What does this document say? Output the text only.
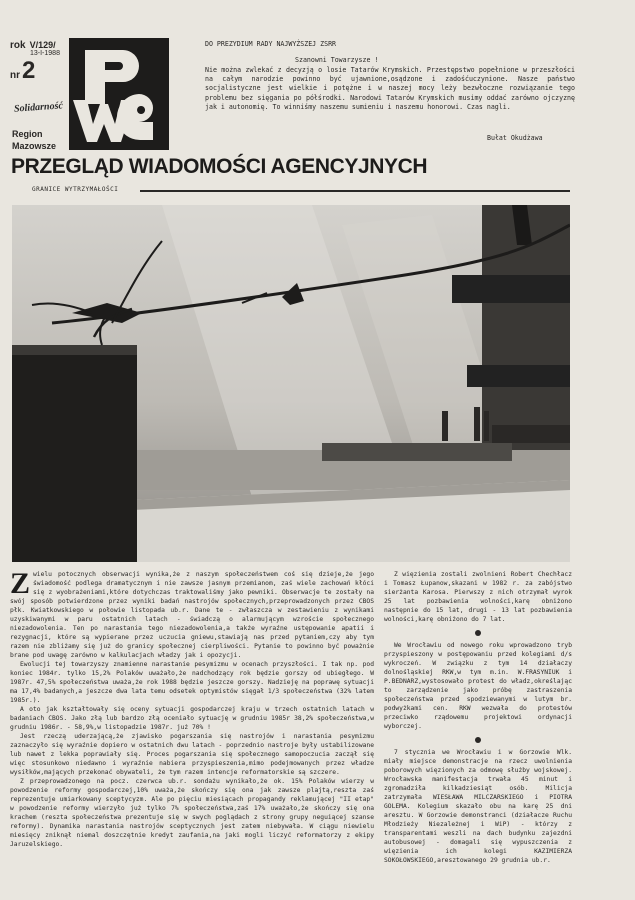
rok V/129/
13-I-1988
nr 2
Solidarność
Region
Mazowsze
PRZEGLĄD WIADOMOŚCI AGENCYJNYCH
GRANICE WYTRZYMAŁOŚCI
DO PREZYDIUM RADY NAJWYŻSZEJ ZSRR
Szanowni Towarzysze !
Nie można zwlekać z decyzją o losie Tatarów Krymskich. Przestępstwo popełnione w przeszłości na całym narodzie powinno być ujawnione,osądzone i zadośćuczynione. Nasze państwo socjalistyczne jest wielkie i potężne i w naszej mocy leży bezwłoczne rozwiązanie tego problemu bez sięgania po półśrodki. Narodowi Tatarów Krymskich musimy oddać zarówno ojczyznę jak i autonomię. To winniśmy naszemu sumieniu i naszemu honorowi. Czas nagli.
Bułat Okudżawa

Zwielu potocznych obserwacji wynika,że z naszym społeczeństwem coś się dzieje,że jego świadomość podlega dramatycznym i nie zawsze jasnym przemianom, zaś wiele zachowań kłóci się z wyobrażeniami,które dotychczas traktowaliśmy jako pewniki. Obserwacje te zostały na swój sposób potwierdzone przez wyniki badań nastrojów społecznych,przeprowadzonych przez CBOS płk. Kwiatkowskiego w połowie listopada ub.r. Dane te - zwłaszcza w zestawieniu z wynikami uzyskiwanymi w paru ostatnich latach - świadczą o alarmującym wzroście społecznego niezadowolenia. Ten po narastania tego niezadowolenia,a także wyraźne ustępowanie apatii i rezygnacji, które są wypierane przez uczucia gniewu,stawiają nas przed pytaniem,czy aby tym razem nie zbliżamy się już do granicy społecznej cierpliwości. Pytanie to powinno być poważnie brane pod uwagę zarówno w kalkulacjach władzy jak i opozycji.

Ewolucji tej towarzyszy znamienne narastanie pesymizmu w ocenach przyszłości. I tak np. pod koniec 1984r. tylko 15,2% Polaków uważało,że nadchodzący rok będzie gorszy od ubiegłego. W 1987r. 47,5% społeczeństwa uważa,że rok 1988 będzie jeszcze gorszy. Nadzieję na poprawę sytuacji ma 17,4% badanych,a jeszcze dwa lata temu odsetek optymistów sięgał 1/3 społeczeństwa (32% latem 1985r.).

A oto jak kształtowały się oceny sytuacji gospodarczej kraju w trzech ostatnich latach w badaniach CBOS. Jako złą lub bardzo złą oceniało sytuację w grudniu 1985r 38,2% społeczeństwa,w grudniu 1986r. - 58,9%,w listopadzie 1987r. już 70% !

Jest rzeczą uderzającą,że zjawisko pogarszania się nastrojów i narastania pesymizmu zaznaczyło się wyraźnie dopiero w ostatnich dwu latach - poprzednio nastroje były ustabilizowane lub nawet z lekka poprawiały się. Proces pogarszania się społecznego samopoczucia zaczął się więc stosunkowo niedawno i wyraźnie nabiera przyspieszenia,mimo podejmowanych przez władze wysiłków,mających przekonać obywateli, że tym razem intencje reformatorskie są szczere.

Z przeprowadzonego na pocz. czerwca ub.r. sondażu wynikało,że ok. 15% Polaków wierzy w powodzenie reformy gospodarczej,10% uważa,że skończy się ona jak zawsze plajtą,reszta zaś reprezentuje umiarkowany sceptycyzm. Ale po pięciu miesiącach propagandy reklamującej "II etap" w powodzenie reformy wierzyło już tylko 7% społeczeństwa,zaś 17% uważało,że skończy się ona krachem (reszta społeczeństwa prezentuje się w swych poglądach z strony grupy neguiącej szanse reformy). Dynamika narastania nastrojów sceptycznych jest zatem niebywała. W ciągu niewielu miesięcy zniknął niemal doszczętnie kredyt zaufania,na jaki mogli liczyć reformatorzy z ekipy Jaruzelskiego.

Z więzienia zostali zwolnieni Robert Chechłacz i Tomasz Łupanow,skazani w 1982 r. za zabójstwo sierżanta Karosa. Pierwszy z nich otrzymał wyrok 25 lat pozbawienia wolności,karę obniżono następnie do 15 lat, drugi - 13 lat pozbawienia wolności,karę obniżono do 7 lat.

We Wrocławiu od nowego roku wprowadzono tryb przyspieszony w postępowaniu przed kolegiami d/s wykroczeń. W związku z tym 14 działaczy dolnośląskiej RKW,w tym m.in. W.FRASYNIUK i P.BEDNARZ,wystosowało protest do władz,określając to zarządzenie jako próbę zastraszenia społeczeństwa przed spodziewanymi w lutym br. podwyżkami cen. RKW wezwała do protestów przeciwko rządowemu projektowi ordynacji wyborczej.

7 stycznia we Wrocławiu i w Gorzowie Wlk. miały miejsce demonstracje na rzecz uwolnienia poborowych więzionych za odmowę służby wojskowej. Wrocławska manifestacja trwała 45 minut i zgromadziła kilkadziesiąt osób. Milicja zatrzymała WIESŁAWA MILCZARSKIEGO i PIOTRA GOLEMA. Kolegium skazało obu na karę 25 dni aresztu. W Gorzowie demonstranci (działacze Ruchu Młodzieży Niezależnej i WiP) - którzy z transparentami weszli na dach budynku zajezdni autobusowej - domagali się wypuszczenia z więzienia ich kolegi KAZIMIERZA SOKOŁOWSKIEGO,aresztowanego 29 grudnia ub.r.
